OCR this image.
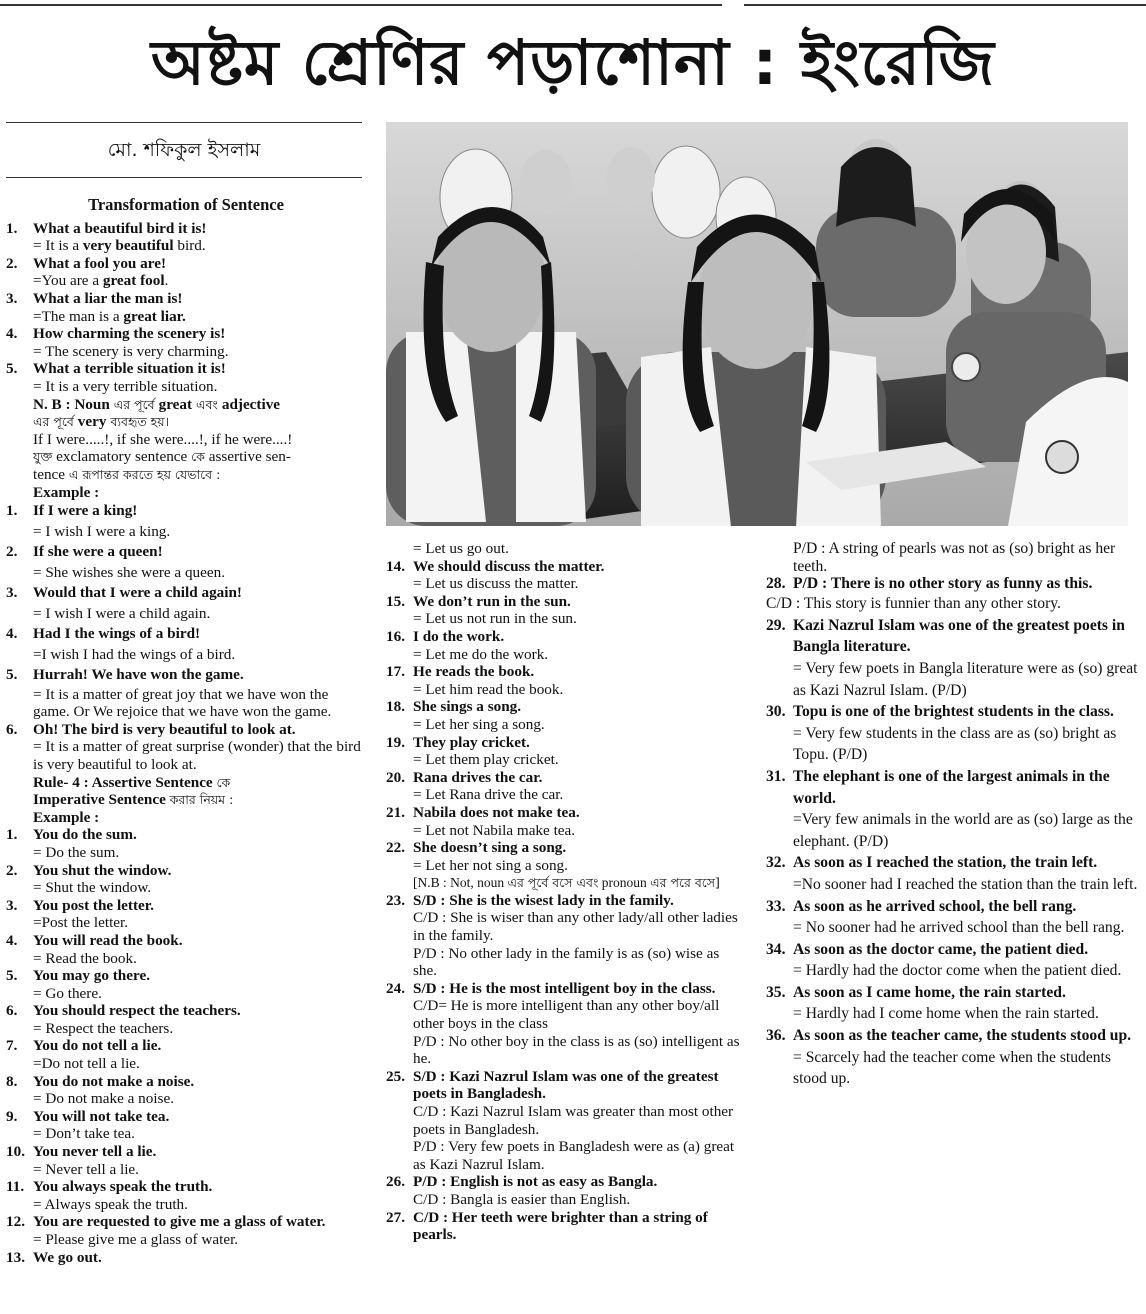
অষ্টম শ্রেণির পড়াশোনা : ইংরেজি
মো. শফিকুল ইসলাম
Transformation of Sentence
1. What a beautiful bird it is!
= It is a very beautiful bird.
2. What a fool you are!
=You are a great fool.
3. What a liar the man is!
=The man is a great liar.
4. How charming the scenery is!
= The scenery is very charming.
5. What a terrible situation it is!
= It is a very terrible situation.
N. B : Noun এর পূর্বে great এবং adjective
এর পূর্বে very ব্যবহৃত হয়।
If I were.....!, if she were....!, if he were....!
যুক্ত exclamatory sentence কে assertive sen-
tence এ রূপান্তর করতে হয় যেভাবে :
Example :
1. If I were a king!
= I wish I were a king.
2. If she were a queen!
= She wishes she were a queen.
3. Would that I were a child again!
= I wish I were a child again.
4. Had I the wings of a bird!
=I wish I had the wings of a bird.
5. Hurrah! We have won the game.
= It is a matter of great joy that we have won the game. Or We rejoice that we have won the game.
6. Oh! The bird is very beautiful to look at.
= It is a matter of great surprise (wonder) that the bird is very beautiful to look at.
Rule- 4 : Assertive Sentence কে
Imperative Sentence করার নিয়ম :
Example :
1. You do the sum.
= Do the sum.
2. You shut the window.
= Shut the window.
3. You post the letter.
=Post the letter.
4. You will read the book.
= Read the book.
5. You may go there.
= Go there.
6. You should respect the teachers.
= Respect the teachers.
7. You do not tell a lie.
=Do not tell a lie.
8. You do not make a noise.
= Do not make a noise.
9. You will not take tea.
= Don’t take tea.
10. You never tell a lie.
= Never tell a lie.
11. You always speak the truth.
= Always speak the truth.
12. You are requested to give me a glass of water.
= Please give me a glass of water.
13. We go out.
= Let us go out.
14. We should discuss the matter.
= Let us discuss the matter.
15. We don’t run in the sun.
= Let us not run in the sun.
16. I do the work.
= Let me do the work.
17. He reads the book.
= Let him read the book.
18. She sings a song.
= Let her sing a song.
19. They play cricket.
= Let them play cricket.
20. Rana drives the car.
= Let Rana drive the car.
21. Nabila does not make tea.
= Let not Nabila make tea.
22. She doesn’t sing a song.
= Let her not sing a song.
[N.B : Not, noun এর পূর্বে বসে এবং pronoun এর পরে বসে]
23. S/D : She is the wisest lady in the family.
C/D : She is wiser than any other lady/all other ladies in the family.
P/D : No other lady in the family is as (so) wise as she.
24. S/D : He is the most intelligent boy in the class.
C/D= He is more intelligent than any other boy/all other boys in the class
P/D : No other boy in the class is as (so) intelligent as he.
25. S/D : Kazi Nazrul Islam was one of the greatest poets in Bangladesh.
C/D : Kazi Nazrul Islam was greater than most other poets in Bangladesh.
P/D : Very few poets in Bangladesh were as (a) great as Kazi Nazrul Islam.
26. P/D : English is not as easy as Bangla.
C/D : Bangla is easier than English.
27. C/D : Her teeth were brighter than a string of pearls.
P/D : A string of pearls was not as (so) bright as her teeth.
28. P/D : There is no other story as funny as this.
C/D : This story is funnier than any other story.
29. Kazi Nazrul Islam was one of the greatest poets in Bangla literature.
= Very few poets in Bangla literature were as (so) great as Kazi Nazrul Islam. (P/D)
30. Topu is one of the brightest students in the class.
= Very few students in the class are as (so) bright as Topu. (P/D)
31. The elephant is one of the largest animals in the world.
=Very few animals in the world are as (so) large as the elephant. (P/D)
32. As soon as I reached the station, the train left.
=No sooner had I reached the station than the train left.
33. As soon as he arrived school, the bell rang.
= No sooner had he arrived school than the bell rang.
34. As soon as the doctor came, the patient died.
= Hardly had the doctor come when the patient died.
35. As soon as I came home, the rain started.
= Hardly had I come home when the rain started.
36. As soon as the teacher came, the students stood up.
= Scarcely had the teacher come when the students stood up.
